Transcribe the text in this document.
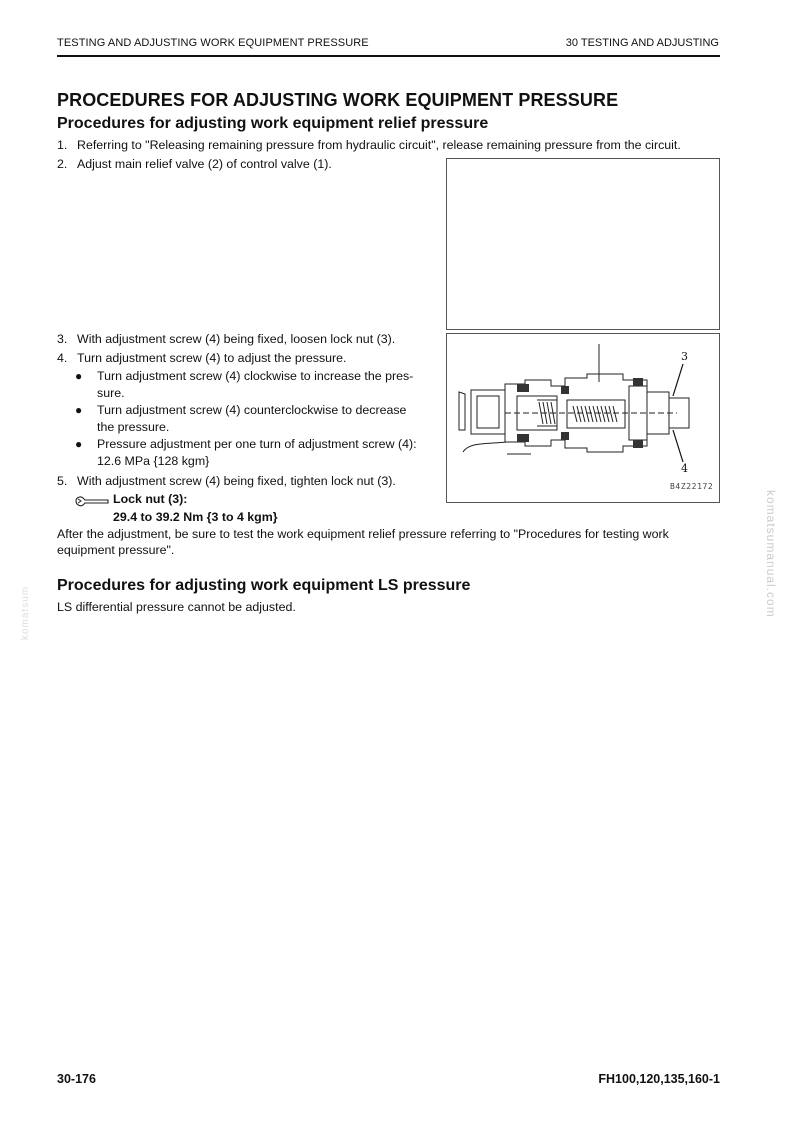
TESTING AND ADJUSTING WORK EQUIPMENT PRESSURE	30 TESTING AND ADJUSTING
PROCEDURES FOR ADJUSTING WORK EQUIPMENT PRESSURE
Procedures for adjusting work equipment relief pressure

1. Referring to "Releasing remaining pressure from hydraulic circuit", release remaining pressure from the circuit.

2. Adjust main relief valve (2) of control valve (1).

3. With adjustment screw (4) being fixed, loosen lock nut (3).

4. Turn adjustment screw (4) to adjust the pressure.

● Turn adjustment screw (4) clockwise to increase the pres-
sure.
● Turn adjustment screw (4) counterclockwise to decrease
the pressure.
● Pressure adjustment per one turn of adjustment screw (4):
12.6 MPa {128 kgm}

5. With adjustment screw (4) being fixed, tighten lock nut (3).

Lock nut (3):
29.4 to 39.2 Nm {3 to 4 kgm}
After the adjustment, be sure to test the work equipment relief pressure referring to "Procedures for testing work
equipment pressure".
3
4
B4Z22172
Procedures for adjusting work equipment LS pressure

LS differential pressure cannot be adjusted.	komatsumanual.com
komatsum
30-176	FH100,120,135,160-1
